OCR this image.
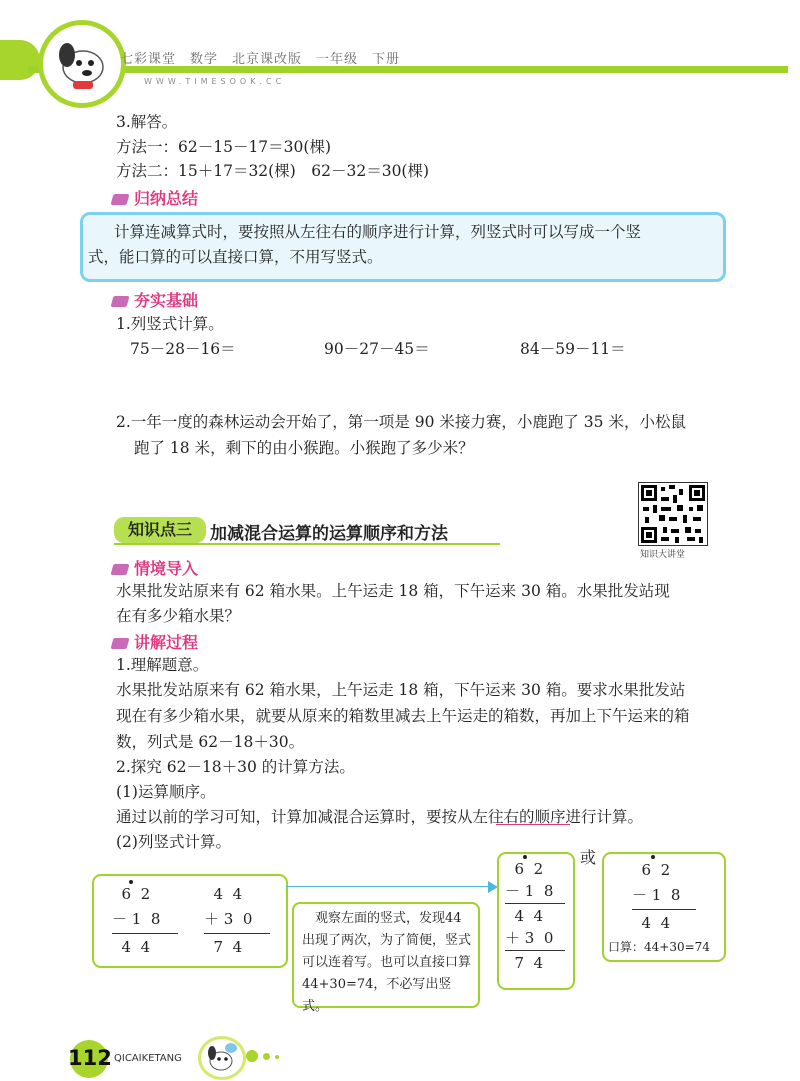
七彩课堂　数学　北京课改版　一年级　下册
WWW.TIMESOOK.CC
3.解答。
方法一：62－15－17＝30(棵)
方法二：15＋17＝32(棵)　62－32＝30(棵)
归纳总结
计算连减算式时，要按照从左往右的顺序进行计算，列竖式时可以写成一个竖
式，能口算的可以直接口算，不用写竖式。
夯实基础
1.列竖式计算。
75－28－16＝	90－27－45＝	84－59－11＝
2.一年一度的森林运动会开始了，第一项是 90 米接力赛，小鹿跑了 35 米，小松鼠
跑了 18 米，剩下的由小猴跑。小猴跑了多少米？
知识点三	加减混合运算的运算顺序和方法
知识大讲堂
情境导入
水果批发站原来有 62 箱水果。上午运走 18 箱，下午运来 30 箱。水果批发站现
在有多少箱水果？
讲解过程
1.理解题意。
水果批发站原来有 62 箱水果，上午运走 18 箱，下午运来 30 箱。要求水果批发站
现在有多少箱水果，就要从原来的箱数里减去上午运走的箱数，再加上下午运来的箱
数，列式是 62－18＋30。
2.探究 62－18＋30 的计算方法。
(1)运算顺序。
通过以前的学习可知，计算加减混合运算时，要按从左往右的顺序进行计算。
(2)列竖式计算。
6  2
－ 1  8
4  4
4  4
＋ 3  0
7  4
　观察左面的竖式，发现44出现了两次，为了简便，竖式可以连着写。也可以直接口算44+30=74，不必写出竖式。
6  2
－ 1  8
4  4
＋ 3  0
7  4
或
6  2
－ 1  8
4  4
口算：44+30=74
112 QICAIKETANG
